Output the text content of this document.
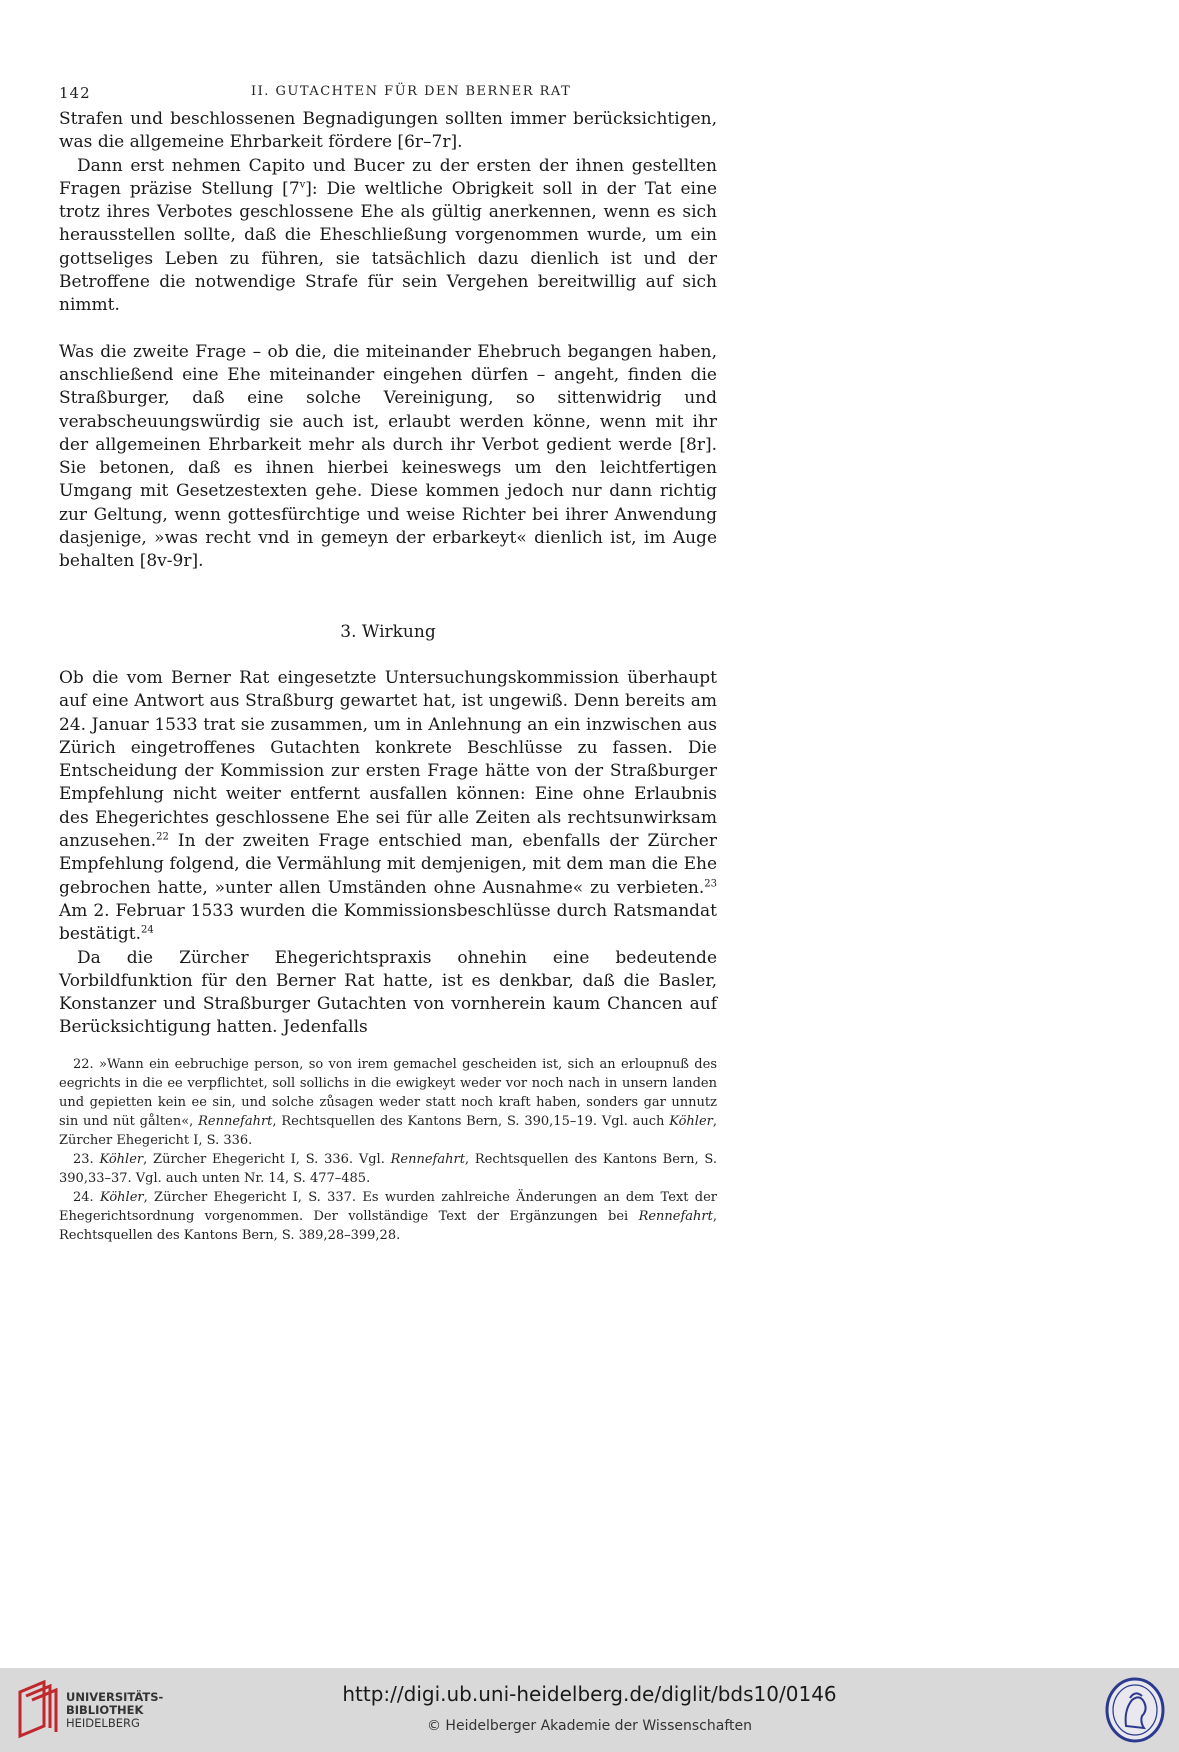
142	II. GUTACHTEN FÜR DEN BERNER RAT

Strafen und beschlossenen Begnadigungen sollten immer berücksichtigen, was die allgemeine Ehrbarkeit fördere [6r–7r].

Dann erst nehmen Capito und Bucer zu der ersten der ihnen gestellten Fragen präzise Stellung [7$^v$]: Die weltliche Obrigkeit soll in der Tat eine trotz ihres Verbotes geschlossene Ehe als gültig anerkennen, wenn es sich herausstellen sollte, daß die Eheschließung vorgenommen wurde, um ein gottseliges Leben zu führen, sie tatsächlich dazu dienlich ist und der Betroffene die notwendige Strafe für sein Vergehen bereitwillig auf sich nimmt.

Was die zweite Frage – ob die, die miteinander Ehebruch begangen haben, anschließend eine Ehe miteinander eingehen dürfen – angeht, finden die Straßburger, daß eine solche Vereinigung, so sittenwidrig und verabscheuungswürdig sie auch ist, erlaubt werden könne, wenn mit ihr der allgemeinen Ehrbarkeit mehr als durch ihr Verbot gedient werde [8r]. Sie betonen, daß es ihnen hierbei keineswegs um den leichtfertigen Umgang mit Gesetzestexten gehe. Diese kommen jedoch nur dann richtig zur Geltung, wenn gottesfürchtige und weise Richter bei ihrer Anwendung dasjenige, »was recht vnd in gemeyn der erbarkeyt« dienlich ist, im Auge behalten [8v-9r].

3. Wirkung

Ob die vom Berner Rat eingesetzte Untersuchungskommission überhaupt auf eine Antwort aus Straßburg gewartet hat, ist ungewiß. Denn bereits am 24. Januar 1533 trat sie zusammen, um in Anlehnung an ein inzwischen aus Zürich eingetroffenes Gutachten konkrete Beschlüsse zu fassen. Die Entscheidung der Kommission zur ersten Frage hätte von der Straßburger Empfehlung nicht weiter entfernt ausfallen können: Eine ohne Erlaubnis des Ehegerichtes geschlossene Ehe sei für alle Zeiten als rechtsunwirksam anzusehen.$^{22}$ In der zweiten Frage entschied man, ebenfalls der Zürcher Empfehlung folgend, die Vermählung mit demjenigen, mit dem man die Ehe gebrochen hatte, »unter allen Umständen ohne Ausnahme« zu verbieten.$^{23}$ Am 2. Februar 1533 wurden die Kommissionsbeschlüsse durch Ratsmandat bestätigt.$^{24}$

Da die Zürcher Ehegerichtspraxis ohnehin eine bedeutende Vorbildfunktion für den Berner Rat hatte, ist es denkbar, daß die Basler, Konstanzer und Straßburger Gutachten von vornherein kaum Chancen auf Berücksichtigung hatten. Jedenfalls

22. »Wann ein eebruchige person, so von irem gemachel gescheiden ist, sich an erloupnuß des eegrichts in die ee verpflichtet, soll sollichs in die ewigkeyt weder vor noch nach in unsern landen und gepietten kein ee sin, und solche zůsagen weder statt noch kraft haben, sonders gar unnutz sin und nüt gålten«, Rennefahrt, Rechtsquellen des Kantons Bern, S. 390,15–19. Vgl. auch Köhler, Zürcher Ehegericht I, S. 336.

23. Köhler, Zürcher Ehegericht I, S. 336. Vgl. Rennefahrt, Rechtsquellen des Kantons Bern, S. 390,33–37. Vgl. auch unten Nr. 14, S. 477–485.

24. Köhler, Zürcher Ehegericht I, S. 337. Es wurden zahlreiche Änderungen an dem Text der Ehegerichtsordnung vorgenommen. Der vollständige Text der Ergänzungen bei Rennefahrt, Rechtsquellen des Kantons Bern, S. 389,28–399,28.

UNIVERSITÄTS-
BIBLIOTHEK
HEIDELBERG
http://digi.ub.uni-heidelberg.de/diglit/bds10/0146
© Heidelberger Akademie der Wissenschaften
